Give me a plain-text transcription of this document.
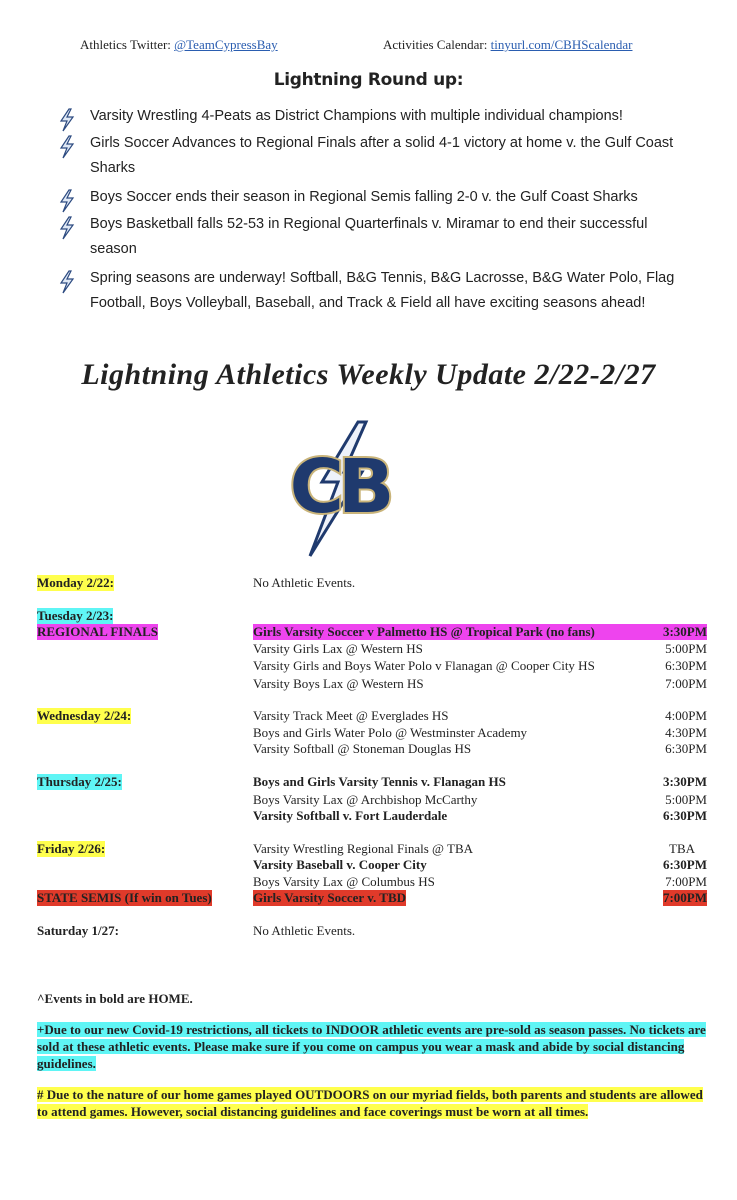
Athletics Twitter: @TeamCypressBay	Activities Calendar: tinyurl.com/CBHScalendar
Lightning Round up:
Varsity Wrestling 4-Peats as District Champions with multiple individual champions!
Girls Soccer Advances to Regional Finals after a solid 4-1 victory at home v. the Gulf Coast Sharks
Boys Soccer ends their season in Regional Semis falling 2-0 v. the Gulf Coast Sharks
Boys Basketball falls 52-53 in Regional Quarterfinals v. Miramar to end their successful season
Spring seasons are underway! Softball, B&G Tennis, B&G Lacrosse, B&G Water Polo, Flag Football, Boys Volleyball, Baseball, and Track & Field all have exciting seasons ahead!
Lightning Athletics Weekly Update 2/22-2/27
CB
Monday 2/22:	No Athletic Events.
Tuesday 2/23:
REGIONAL FINALS	Girls Varsity Soccer v Palmetto HS @ Tropical Park (no fans)	3:30PM
Varsity Girls Lax @ Western HS	5:00PM
Varsity Girls and Boys Water Polo v Flanagan @ Cooper City HS	6:30PM
Varsity Boys Lax @ Western HS	7:00PM
Wednesday 2/24:	Varsity Track Meet @ Everglades HS	4:00PM
Boys and Girls Water Polo @ Westminster Academy	4:30PM
Varsity Softball @ Stoneman Douglas HS	6:30PM
Thursday 2/25:	Boys and Girls Varsity Tennis v. Flanagan HS	3:30PM
Boys Varsity Lax @ Archbishop McCarthy	5:00PM
Varsity Softball v. Fort Lauderdale	6:30PM
Friday 2/26:	Varsity Wrestling Regional Finals @ TBA	TBA
Varsity Baseball v. Cooper City	6:30PM
Boys Varsity Lax @ Columbus HS	7:00PM
STATE SEMIS (If win on Tues)	Girls Varsity Soccer v. TBD	7:00PM
Saturday 1/27:	No Athletic Events.

^Events in bold are HOME.

+Due to our new Covid-19 restrictions, all tickets to INDOOR athletic events are pre-sold as season passes. No tickets are sold at these athletic events. Please make sure if you come on campus you wear a mask and abide by social distancing guidelines.

# Due to the nature of our home games played OUTDOORS on our myriad fields, both parents and students are allowed to attend games. However, social distancing guidelines and face coverings must be worn at all times.
